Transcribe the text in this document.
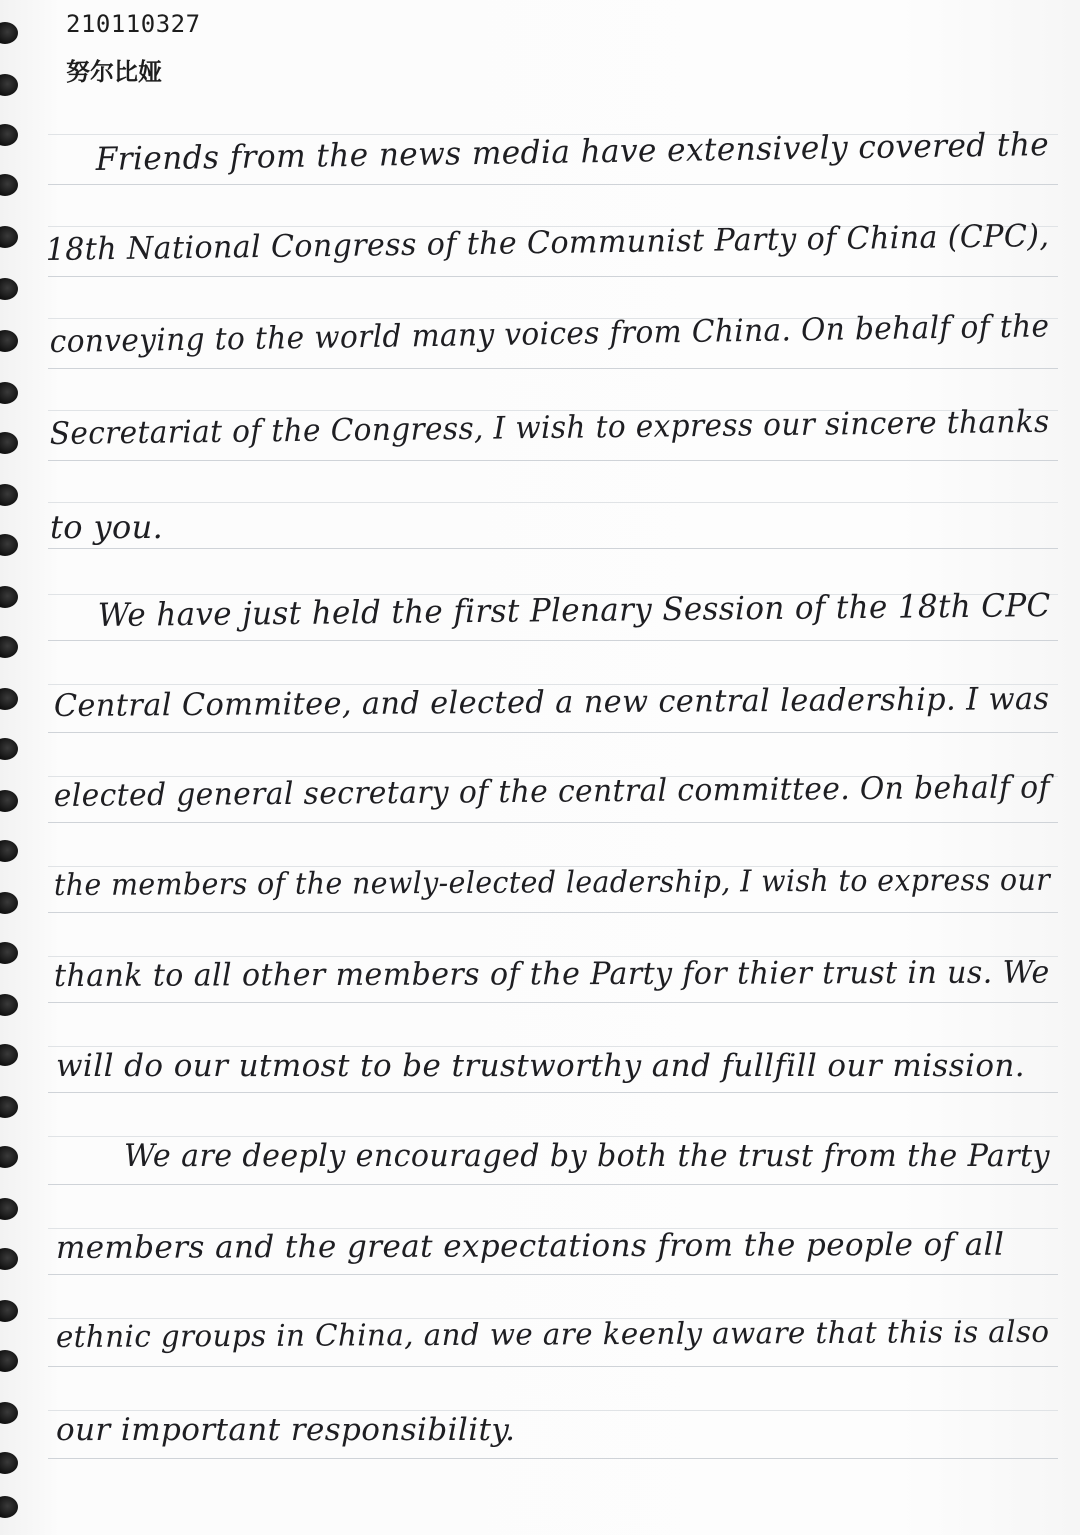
210110327
努尔比娅
Friends from the news media have extensively covered the
18th National Congress of the Communist Party of China (CPC),
conveying to the world many voices from China. On behalf of the
Secretariat of the Congress, I wish to express our sincere thanks
to you.
We have just held the first Plenary Session of the 18th CPC
Central Commitee, and elected a new central leadership. I was
elected general secretary of the central committee. On behalf of
the members of the newly-elected leadership, I wish to express our
thank to all other members of the Party for thier trust in us. We
will do our utmost to be trustworthy and fullfill our mission.
We are deeply encouraged by both the trust from the Party
members and the great expectations from the people of all
ethnic groups in China, and we are keenly aware that this is also
our important responsibility.
